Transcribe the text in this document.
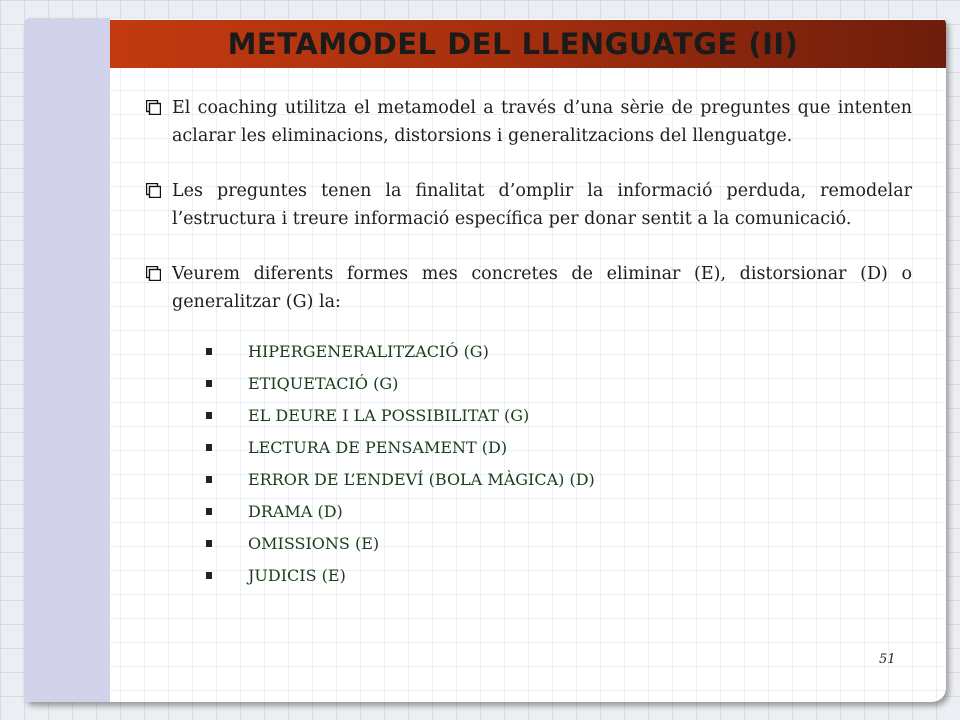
METAMODEL DEL LLENGUATGE (II)
El coaching utilitza el metamodel a través d’una sèrie de preguntes que intenten aclarar les eliminacions, distorsions i generalitzacions del llenguatge.
Les preguntes tenen la finalitat d’omplir la informació perduda, remodelar l’estructura i treure informació específica per donar sentit a la comunicació.
Veurem diferents formes mes concretes de eliminar (E), distorsionar (D) o generalitzar (G) la:
HIPERGENERALITZACIÓ (G)
ETIQUETACIÓ (G)
EL DEURE I LA POSSIBILITAT (G)
LECTURA DE PENSAMENT (D)
ERROR DE L’ENDEVÍ (BOLA MÀGICA) (D)
DRAMA (D)
OMISSIONS (E)
JUDICIS (E)
51
